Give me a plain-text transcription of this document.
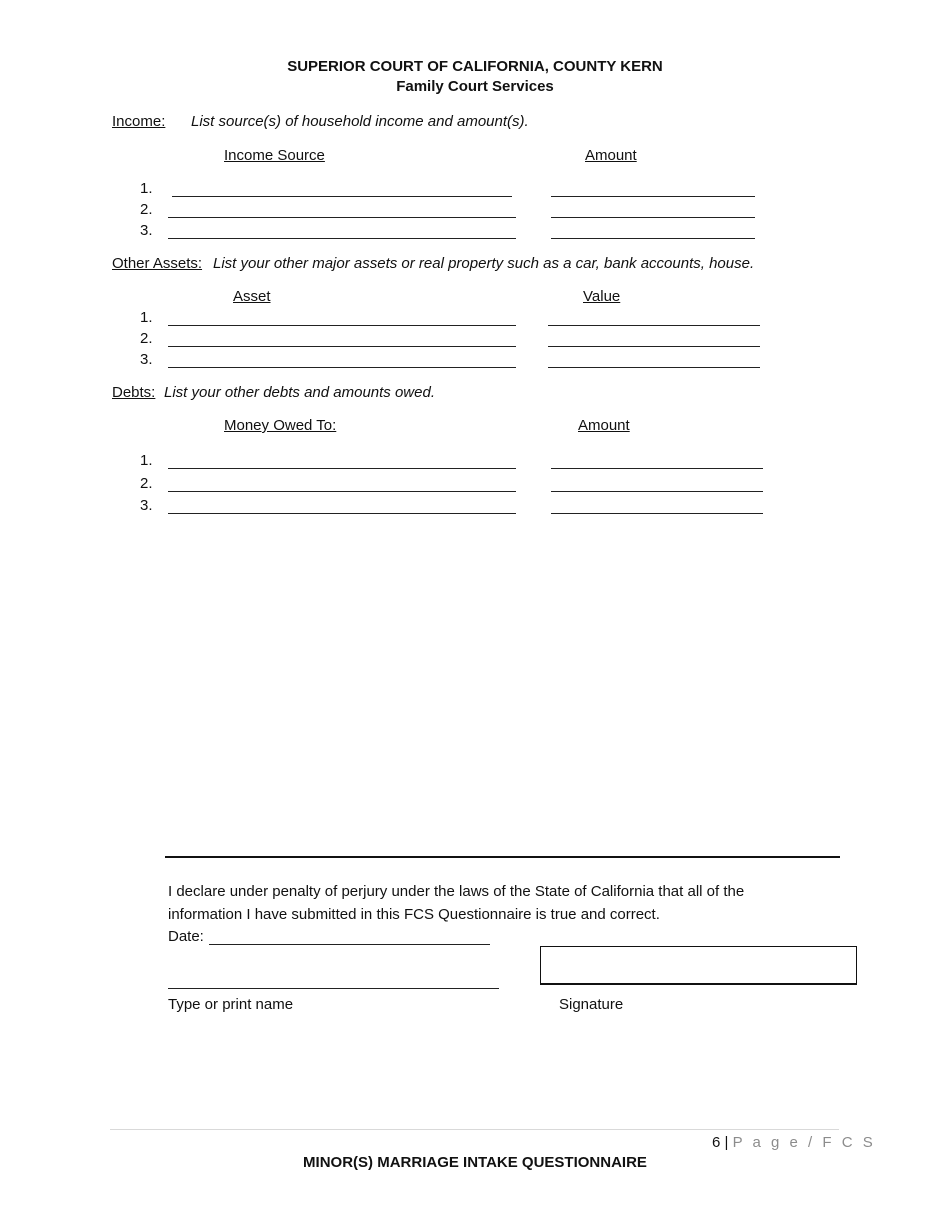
SUPERIOR COURT OF CALIFORNIA, COUNTY KERN
Family Court Services
Income: List source(s) of household income and amount(s).
Income Source	Amount
1.
2.
3.
Other Assets: List your other major assets or real property such as a car, bank accounts, house.
Asset	Value
1.
2.
3.
Debts: List your other debts and amounts owed.
Money Owed To:	Amount
1.
2.
3.
I declare under penalty of perjury under the laws of the State of California that all of the
information I have submitted in this FCS Questionnaire is true and correct.
Date:
Type or print name	Signature
6 | P a g e / F C S
MINOR(S) MARRIAGE INTAKE QUESTIONNAIRE
